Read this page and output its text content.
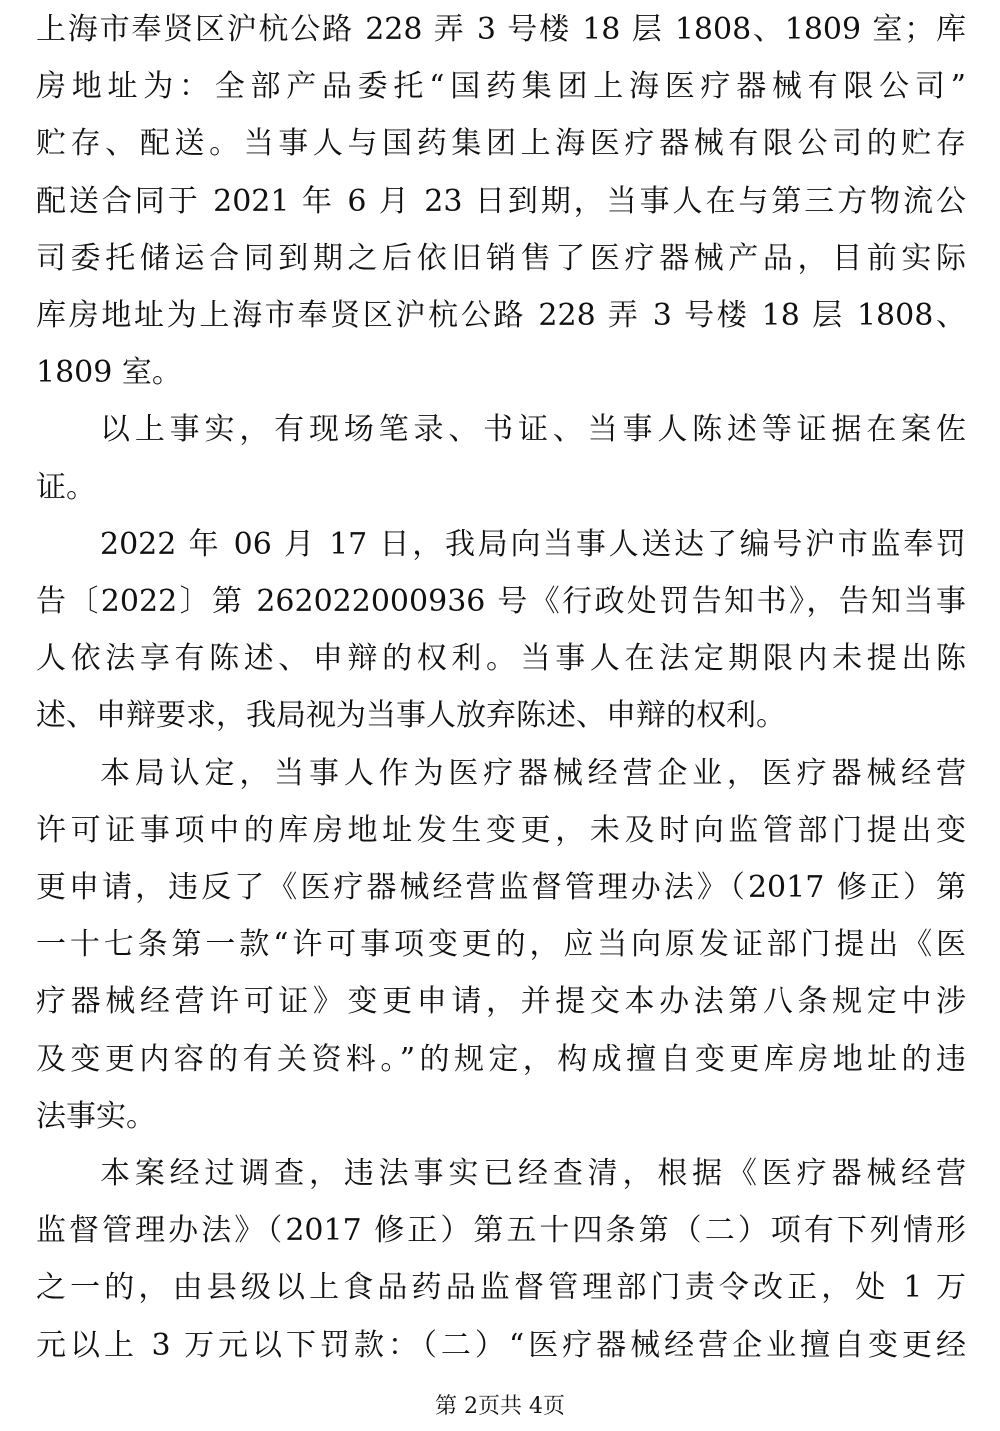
上海市奉贤区沪杭公路 228 弄 3 号楼 18 层 1808、1809 室；库
房地址为：全部产品委托“国药集团上海医疗器械有限公司”
贮存、配送。当事人与国药集团上海医疗器械有限公司的贮存
配送合同于 2021 年 6 月 23 日到期，当事人在与第三方物流公
司委托储运合同到期之后依旧销售了医疗器械产品，目前实际
库房地址为上海市奉贤区沪杭公路 228 弄 3 号楼 18 层 1808、
1809 室。
以上事实，有现场笔录、书证、当事人陈述等证据在案佐
证。
2022 年 06 月 17 日，我局向当事人送达了编号沪市监奉罚
告〔2022〕第 262022000936 号《行政处罚告知书》，告知当事
人依法享有陈述、申辩的权利。当事人在法定期限内未提出陈
述、申辩要求，我局视为当事人放弃陈述、申辩的权利。
本局认定，当事人作为医疗器械经营企业，医疗器械经营
许可证事项中的库房地址发生变更，未及时向监管部门提出变
更申请，违反了《医疗器械经营监督管理办法》（2017 修正）第
一十七条第一款“许可事项变更的，应当向原发证部门提出《医
疗器械经营许可证》变更申请，并提交本办法第八条规定中涉
及变更内容的有关资料。”的规定，构成擅自变更库房地址的违
法事实。
本案经过调查，违法事实已经查清，根据《医疗器械经营
监督管理办法》（2017 修正）第五十四条第（二）项有下列情形
之一的，由县级以上食品药品监督管理部门责令改正，处 1 万
元以上 3 万元以下罚款：（二）“医疗器械经营企业擅自变更经
第 2页共 4页
